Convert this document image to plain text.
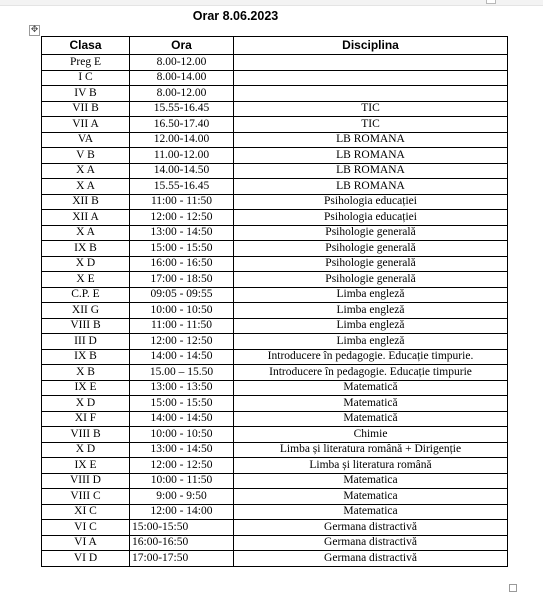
Orar 8.06.2023
✥
Clasa	Ora	Disciplina
Preg E	8.00-12.00	
I C	8.00-14.00	
IV B	8.00-12.00	
VII B	15.55-16.45	TIC
VII A	16.50-17.40	TIC
VA	12.00-14.00	LB ROMANA
V B	11.00-12.00	LB ROMANA
X A	14.00-14.50	LB ROMANA
X A	15.55-16.45	LB ROMANA
XII B	11:00 - 11:50	Psihologia educației
XII A	12:00 - 12:50	Psihologia educației
X A	13:00 - 14:50	Psihologie generală
IX B	15:00 - 15:50	Psihologie generală
X D	16:00 - 16:50	Psihologie generală
X E	17:00 - 18:50	Psihologie generală
C.P. E	09:05 - 09:55	Limba engleză
XII G	10:00 - 10:50	Limba engleză
VIII B	11:00 - 11:50	Limba engleză
III D	12:00 - 12:50	Limba engleză
IX B	14:00 - 14:50	Introducere în pedagogie. Educație timpurie.
X B	15.00 – 15.50	Introducere în pedagogie. Educație timpurie
IX E	13:00 - 13:50	Matematică
X D	15:00 - 15:50	Matematică
XI F	14:00 - 14:50	Matematică
VIII B	10:00 - 10:50	Chimie
X D	13:00 - 14:50	Limba și literatura română + Dirigenție
IX E	12:00 - 12:50	Limba și literatura română
VIII D	10:00 - 11:50	Matematica
VIII C	9:00 - 9:50	Matematica
XI C	12:00 - 14:00	Matematica
VI C	15:00-15:50	Germana distractivă
VI A	16:00-16:50	Germana distractivă
VI D	17:00-17:50	Germana distractivă
